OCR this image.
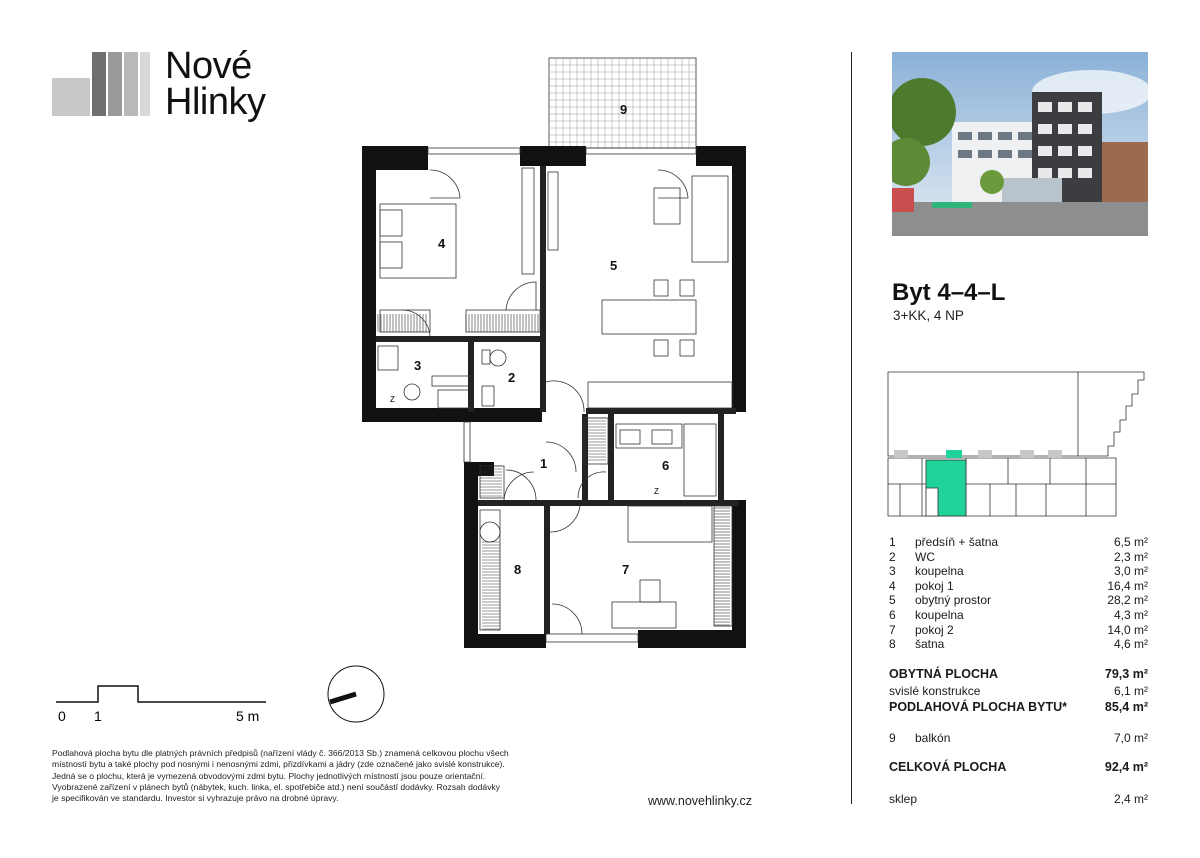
Nové
Hlinky
4
5
3
2
1	6
7
8
9
Z
Z
Byt 4–4–L
3+KK, 4 NP
1	předsíň + šatna	6,5 m²
2	WC	2,3 m²
3	koupelna	3,0 m²
4	pokoj 1	16,4 m²
5	obytný prostor	28,2 m²
6	koupelna	4,3 m²
7	pokoj 2	14,0 m²
8	šatna	4,6 m²
OBYTNÁ PLOCHA	79,3 m²
svislé konstrukce	6,1 m²
PODLAHOVÁ PLOCHA BYTU*	85,4 m²
9 balkón	7,0 m²
CELKOVÁ PLOCHA	92,4 m²
sklep	2,4 m²
0 1	5 m
Podlahová plocha bytu dle platných právních předpisů (nařízení vlády č. 366/2013 Sb.) znamená celkovou plochu všech
místností bytu a také plochy pod nosnými i nenosnými zdmi, přizdívkami a jádry (zde označené jako svislé konstrukce).
Jedná se o plochu, která je vymezená obvodovými zdmi bytu. Plochy jednotlivých místností jsou pouze orientační.
Vyobrazené zařízení v plánech bytů (nábytek, kuch. linka, el. spotřebiče atd.) není součástí dodávky. Rozsah dodávky
je specifikován ve standardu. Investor si vyhrazuje právo na drobné úpravy.	www.novehlinky.cz
